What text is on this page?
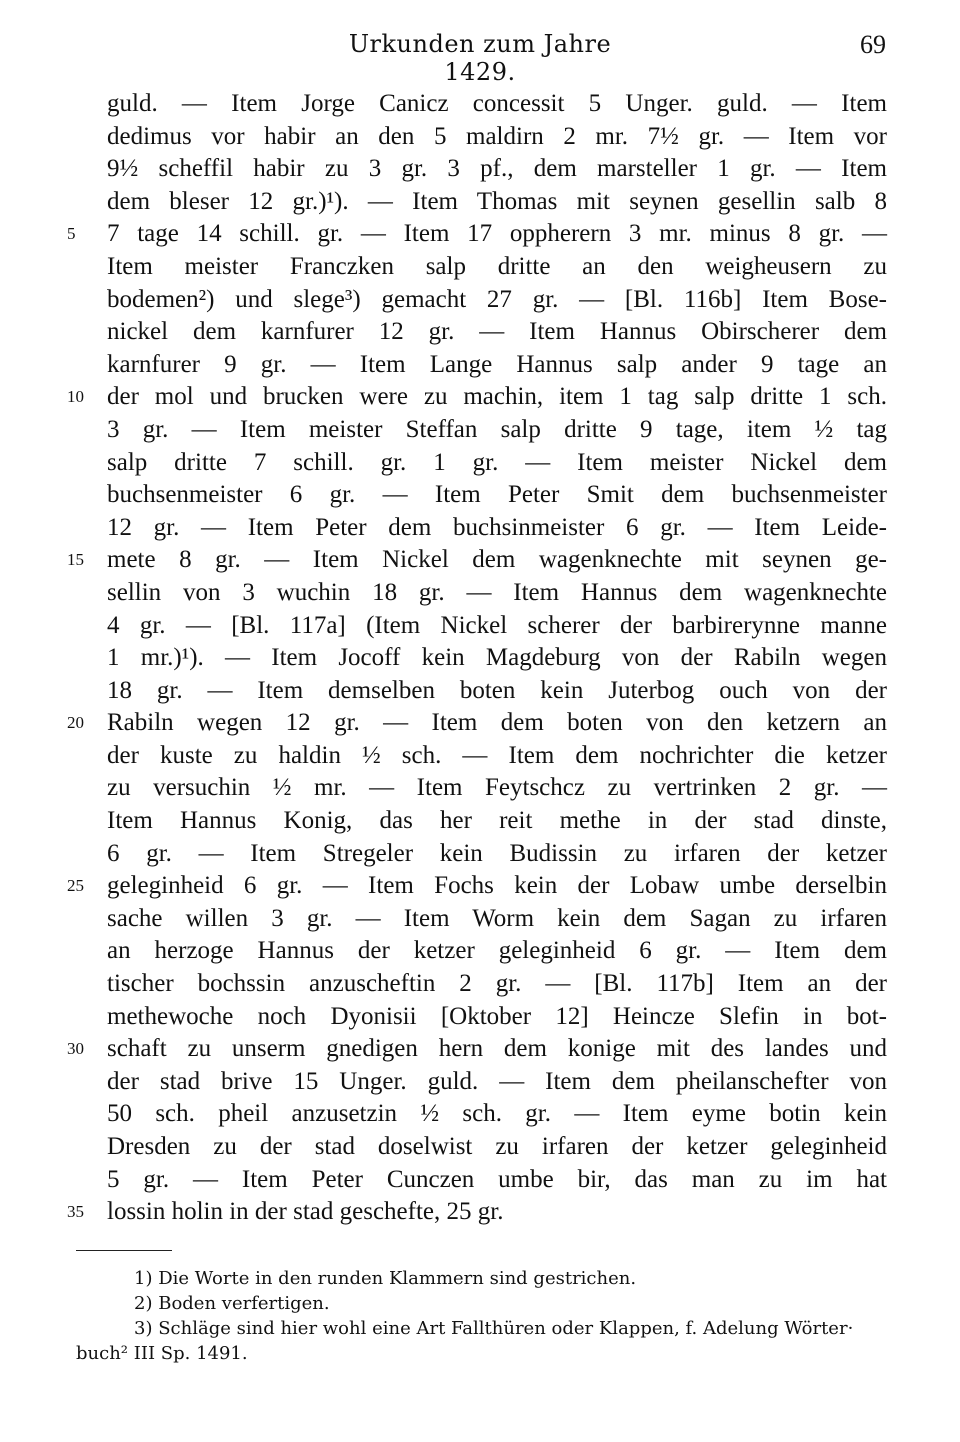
Urkunden zum Jahre 1429.
69
guld. — Item Jorge Canicz concessit 5 Unger. guld. — Item
dedimus vor habir an den 5 maldirn 2 mr. 7½ gr. — Item vor
9½ scheffil habir zu 3 gr. 3 pf., dem marsteller 1 gr. — Item
dem bleser 12 gr.)¹). — Item Thomas mit seynen gesellin salb 8
7 tage 14 schill. gr. — Item 17 oppherern 3 mr. minus 8 gr. —
5
Item meister Franczken salp dritte an den weigheusern zu
bodemen²) und slege³) gemacht 27 gr. — [Bl. 116b] Item Bose-
nickel dem karnfurer 12 gr. — Item Hannus Obirscherer dem
karnfurer 9 gr. — Item Lange Hannus salp ander 9 tage an
der mol und brucken were zu machin, item 1 tag salp dritte 1 sch.
10
3 gr. — Item meister Steffan salp dritte 9 tage, item ½ tag
salp dritte 7 schill. gr. 1 gr. — Item meister Nickel dem
buchsenmeister 6 gr. — Item Peter Smit dem buchsenmeister
12 gr. — Item Peter dem buchsinmeister 6 gr. — Item Leide-
mete 8 gr. — Item Nickel dem wagenknechte mit seynen ge-
15
sellin von 3 wuchin 18 gr. — Item Hannus dem wagenknechte
4 gr. — [Bl. 117a] (Item Nickel scherer der barbirerynne manne
1 mr.)¹). — Item Jocoff kein Magdeburg von der Rabiln wegen
18 gr. — Item demselben boten kein Juterbog ouch von der
Rabiln wegen 12 gr. — Item dem boten von den ketzern an
20
der kuste zu haldin ½ sch. — Item dem nochrichter die ketzer
zu versuchin ½ mr. — Item Feytschcz zu vertrinken 2 gr. —
Item Hannus Konig, das her reit methe in der stad dinste,
6 gr. — Item Stregeler kein Budissin zu irfaren der ketzer
geleginheid 6 gr. — Item Fochs kein der Lobaw umbe derselbin
25
sache willen 3 gr. — Item Worm kein dem Sagan zu irfaren
an herzoge Hannus der ketzer geleginheid 6 gr. — Item dem
tischer bochssin anzuscheftin 2 gr. — [Bl. 117b] Item an der
methewoche noch Dyonisii [Oktober 12] Heincze Slefin in bot-
schaft zu unserm gnedigen hern dem konige mit des landes und
30
der stad brive 15 Unger. guld. — Item dem pheilanschefter von
50 sch. pheil anzusetzin ½ sch. gr. — Item eyme botin kein
Dresden zu der stad doselwist zu irfaren der ketzer geleginheid
5 gr. — Item Peter Cunczen umbe bir, das man zu im hat
lossin holin in der stad geschefte, 25 gr.
35
1) Die Worte in den runden Klammern sind gestrichen.
2) Boden verfertigen.
3) Schläge sind hier wohl eine Art Fallthüren oder Klappen, f. Adelung Wörter·
buch² III Sp. 1491.
